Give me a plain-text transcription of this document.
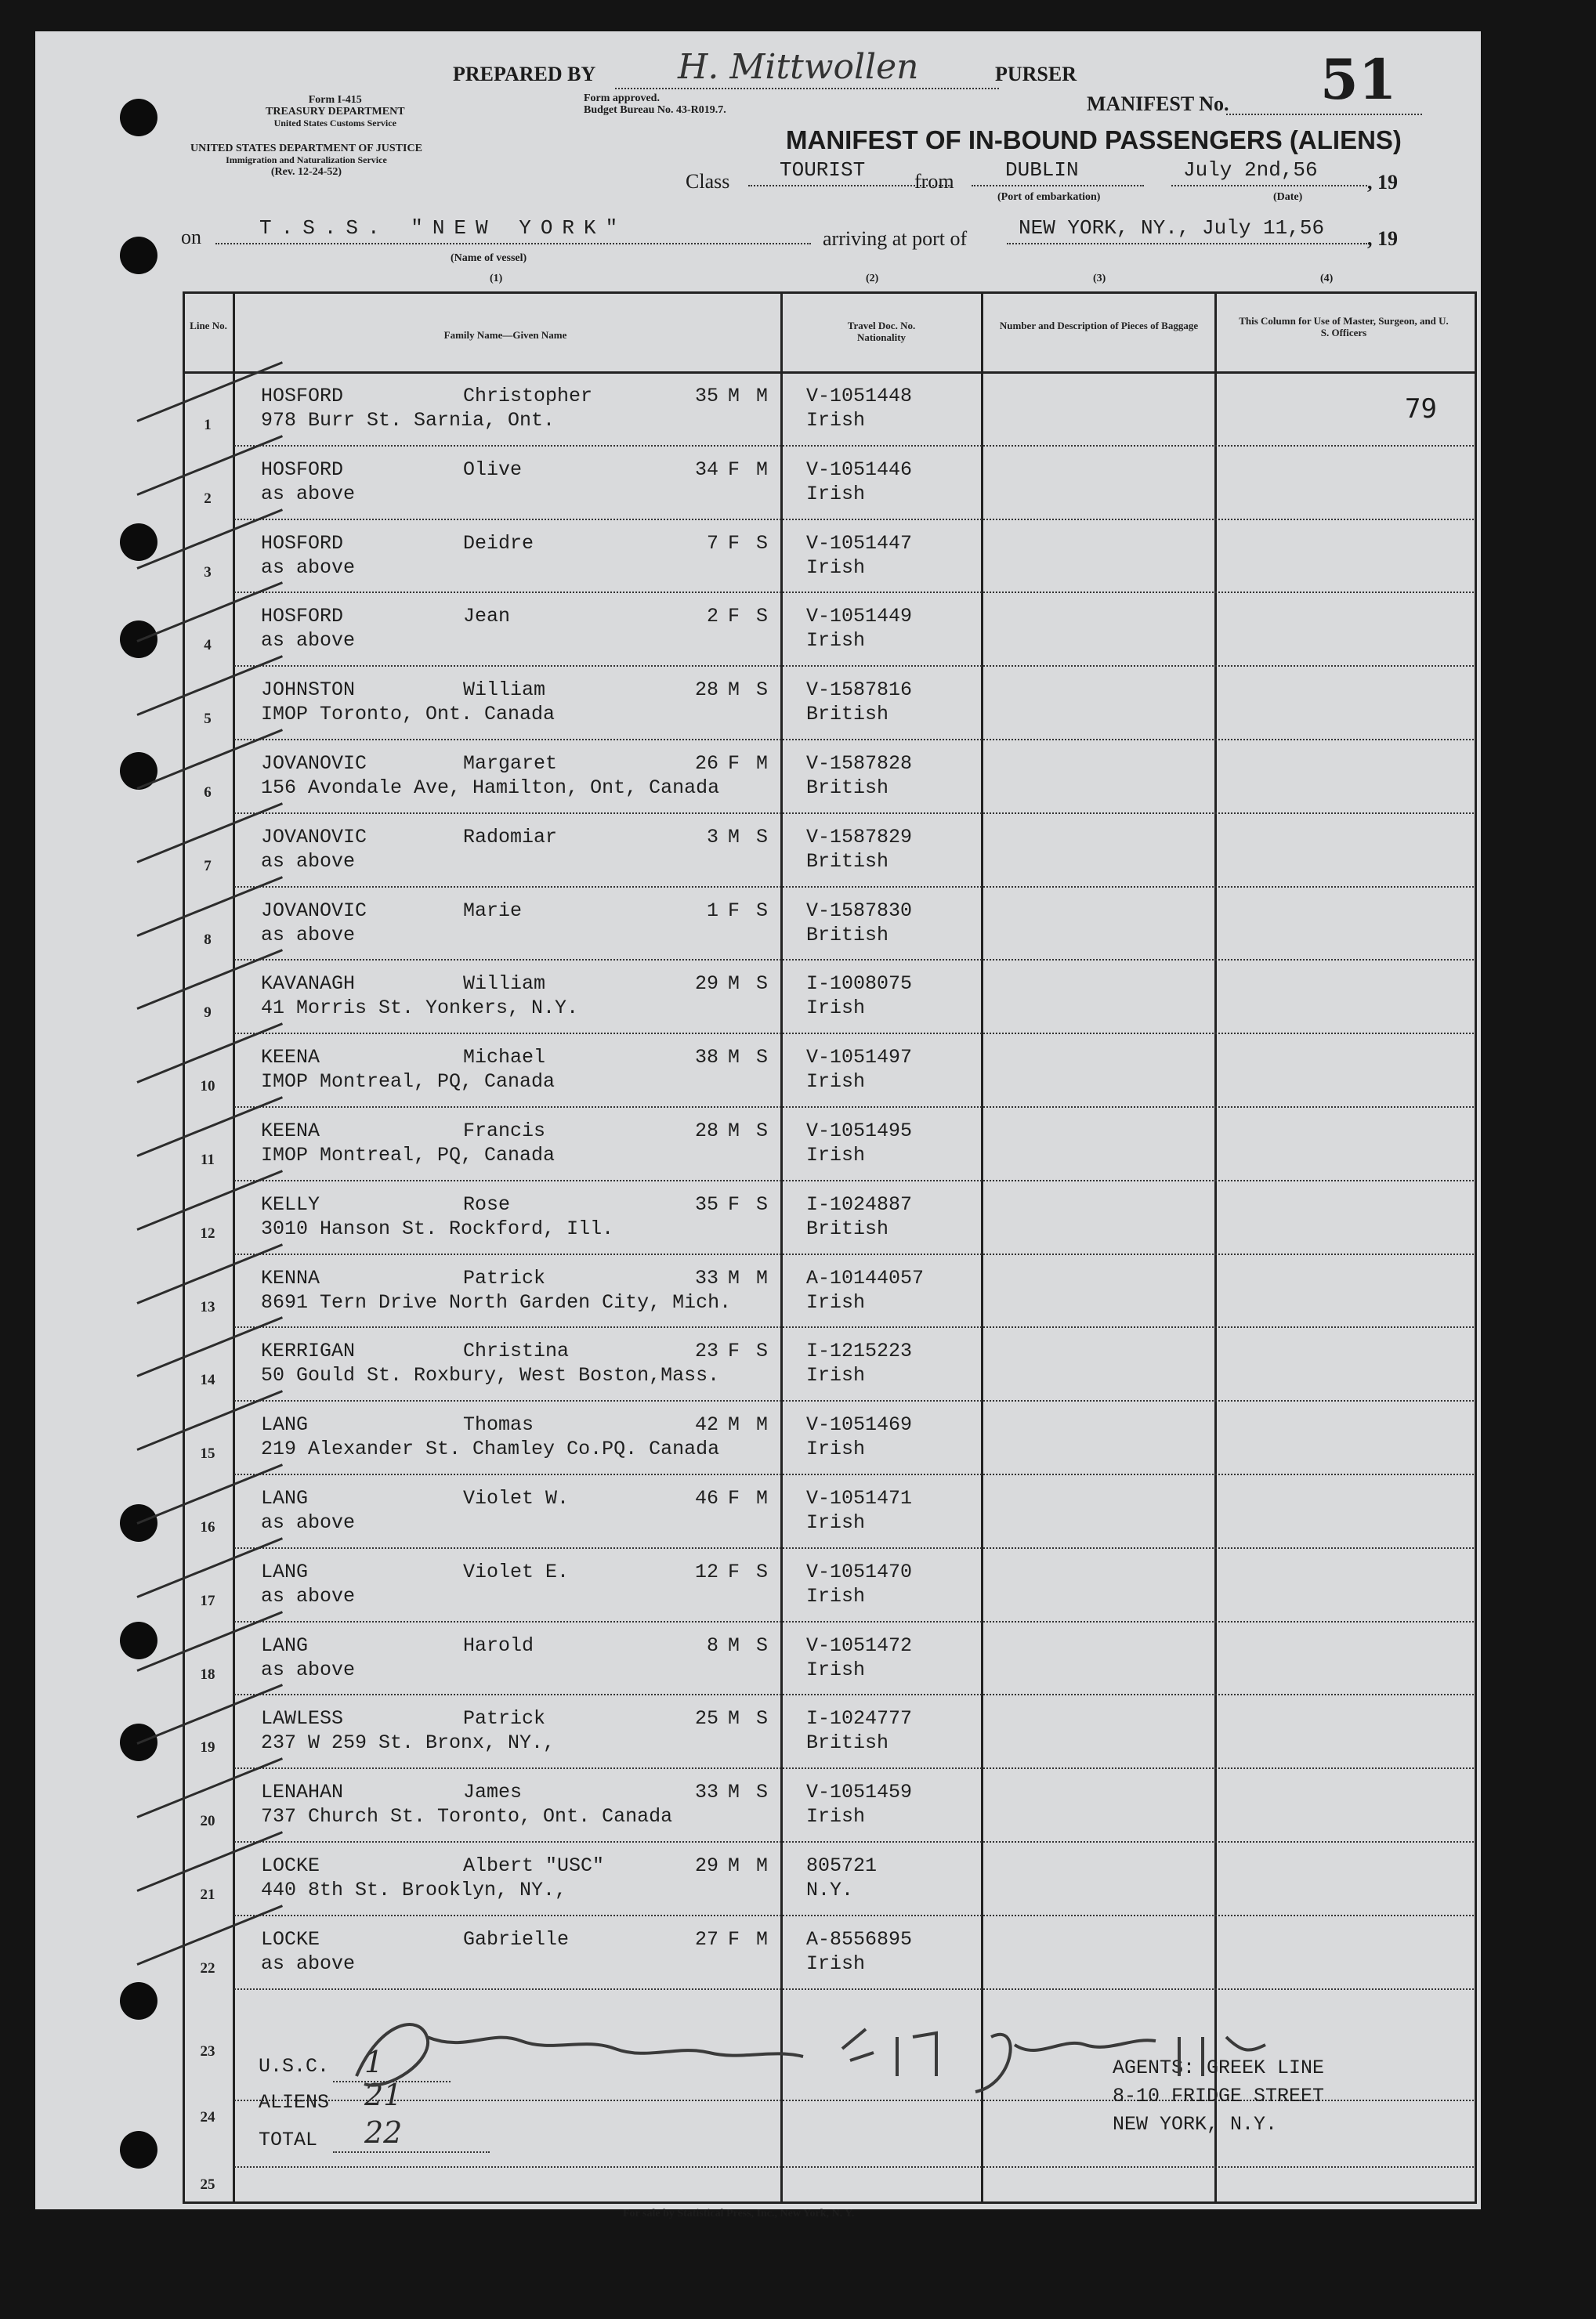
PREPARED BY H. Mittwollen	PURSER
MANIFEST No. 51
Form I-415
TREASURY DEPARTMENT
United States Customs Service
Form approved.
Budget Bureau No. 43-R019.7.
UNITED STATES DEPARTMENT OF JUSTICE
Immigration and Naturalization Service
(Rev. 12-24-52)
MANIFEST OF IN-BOUND PASSENGERS (ALIENS)
Class TOURIST from	DUBLIN
(Port of embarkation)
July 2nd,56
(Date)
, 19
on	T.S.S. "NEW YORK"
(Name of vessel)
arriving at port of	NEW YORK, NY., July 11,56 , 19
(1)	(2)	(3)	(4)
Line No.
Family Name—Given Name
Travel Doc. No. Nationality
Number and Description of Pieces of Baggage	This Column for Use of Master, Surgeon, and U. S. Officers
79
1
HOSFORD	Christopher	35 M M
978 Burr St. Sarnia, Ont.
V-1051448
Irish
2
HOSFORD	Olive	34 F M
as above
V-1051446
Irish
3
HOSFORD	Deidre	7 F S
as above
V-1051447
Irish
4
HOSFORD	Jean	2 F S
as above
V-1051449
Irish
5
JOHNSTON	William	28 M S
IMOP Toronto, Ont. Canada
V-1587816
British
6
JOVANOVIC	Margaret	26 F M
156 Avondale Ave, Hamilton, Ont, Canada
V-1587828
British
7
JOVANOVIC	Radomiar	3 M S
as above
V-1587829
British
8
JOVANOVIC	Marie	1 F S
as above
V-1587830
British
9
KAVANAGH	William	29 M S
41 Morris St. Yonkers, N.Y.
I-1008075
Irish
10
KEENA	Michael	38 M S
IMOP Montreal, PQ, Canada
V-1051497
Irish
11
KEENA	Francis	28 M S
IMOP Montreal, PQ, Canada
V-1051495
Irish
12
KELLY	Rose	35 F S
3010 Hanson St. Rockford, Ill.
I-1024887
British
13
KENNA	Patrick	33 M M
8691 Tern Drive North Garden City, Mich.
A-10144057
Irish
14
KERRIGAN	Christina	23 F S
50 Gould St. Roxbury, West Boston,Mass.
I-1215223
Irish
15
LANG	Thomas	42 M M
219 Alexander St. Chamley Co.PQ. Canada
V-1051469
Irish
16
LANG	Violet W.	46 F M
as above
V-1051471
Irish
17
LANG	Violet E.	12 F S
as above
V-1051470
Irish
18
LANG	Harold	8 M S
as above
V-1051472
Irish
19
LAWLESS	Patrick	25 M S
237 W 259 St. Bronx, NY.,
I-1024777
British
20
LENAHAN	James	33 M S
737 Church St. Toronto, Ont. Canada
V-1051459
Irish
21
LOCKE	Albert "USC"	29 M M
440 8th St. Brooklyn, NY.,
805721
N.Y.
22
LOCKE	Gabrielle	27 F M
as above
A-8556895
Irish
23
24
25
U.S.C. 1
ALIENS 21
TOTAL 22
AGENTS: GREEK LINE
8-10 FRIDGE STREET
NEW YORK, N.Y.
For sale by Statistical Press, Inc., New York, N. Y.
